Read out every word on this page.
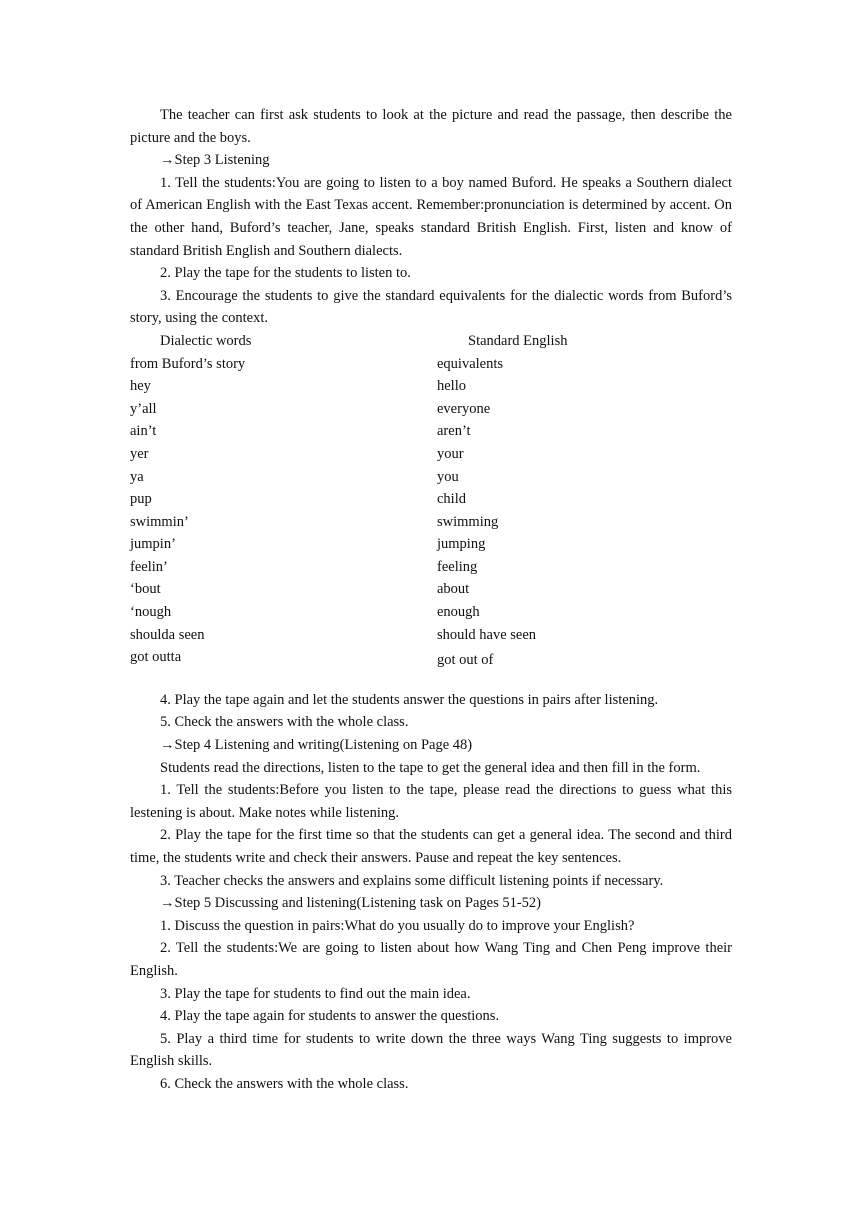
The teacher can first ask students to look at the picture and read the passage, then describe the picture and the boys.

→Step 3 Listening

1. Tell the students:You are going to listen to a boy named Buford. He speaks a Southern dialect of American English with the East Texas accent. Remember:pronunciation is determined by accent. On the other hand, Buford’s teacher, Jane, speaks standard British English. First, listen and know of standard British English and Southern dialects.

2. Play the tape for the students to listen to.

3. Encourage the students to give the standard equivalents for the dialectic words from Buford’s story, using the context.

Dialectic words	Standard English
from Buford’s story	equivalents
hey	hello
y’all	everyone
ain’t	aren’t
yer	your
ya	you
pup	child
swimmin’	swimming
jumpin’	jumping
feelin’	feeling
‘bout	about
‘nough	enough
shoulda seen	should have seen
got outta	got out of

4. Play the tape again and let the students answer the questions in pairs after listening.

5. Check the answers with the whole class.

→Step 4 Listening and writing(Listening on Page 48)

Students read the directions, listen to the tape to get the general idea and then fill in the form.

1. Tell the students:Before you listen to the tape, please read the directions to guess what this lestening is about. Make notes while listening.

2. Play the tape for the first time so that the students can get a general idea. The second and third time, the students write and check their answers. Pause and repeat the key sentences.

3. Teacher checks the answers and explains some difficult listening points if necessary.

→Step 5 Discussing and listening(Listening task on Pages 51-52)

1. Discuss the question in pairs:What do you usually do to improve your English?

2. Tell the students:We are going to listen about how Wang Ting and Chen Peng improve their English.

3. Play the tape for students to find out the main idea.

4. Play the tape again for students to answer the questions.

5. Play a third time for students to write down the three ways Wang Ting suggests to improve English skills.

6. Check the answers with the whole class.
